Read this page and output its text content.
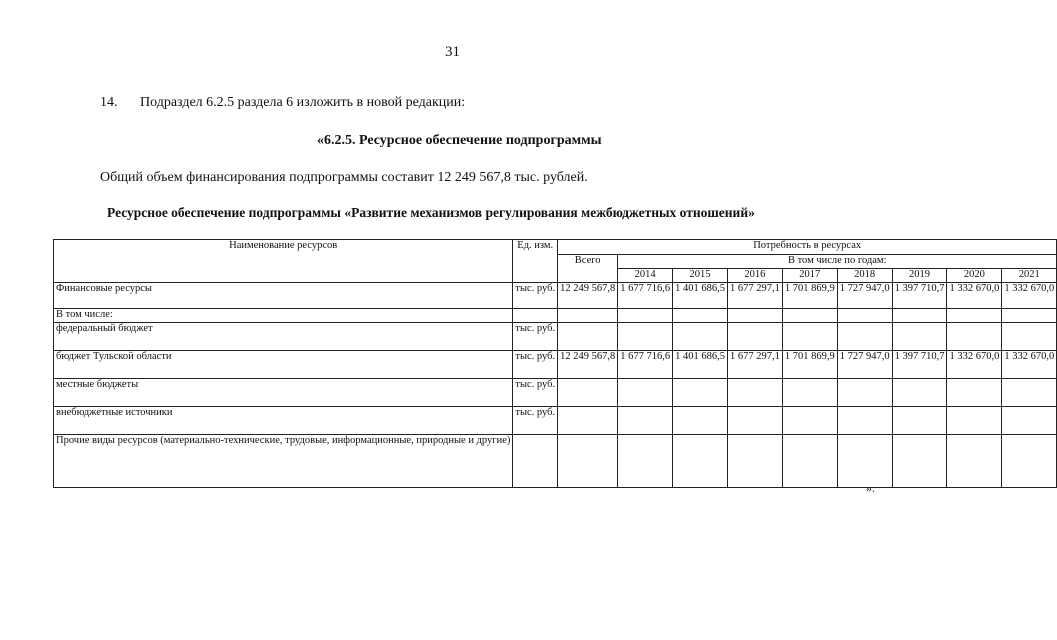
31
14. Подраздел 6.2.5 раздела 6 изложить в новой редакции:
«6.2.5. Ресурсное обеспечение подпрограммы
Общий объем финансирования подпрограммы составит 12 249 567,8 тыс. рублей.
Ресурсное обеспечение подпрограммы «Развитие механизмов регулирования межбюджетных отношений»
Наименование ресурсов	Ед. изм.	Потребность в ресурсах								
		Всего	В том числе по годам:							
			2014	2015	2016	2017	2018	2019	2020	2021
Финансовые ресурсы	тыс. руб.	12 249 567,8	1 677 716,6	1 401 686,5	1 677 297,1	1 701 869,9	1 727 947,0	1 397 710,7	1 332 670,0	1 332 670,0
В том числе:										
федеральный бюджет	тыс. руб.									
бюджет Тульской области	тыс. руб.	12 249 567,8	1 677 716,6	1 401 686,5	1 677 297,1	1 701 869,9	1 727 947,0	1 397 710,7	1 332 670,0	1 332 670,0
местные бюджеты	тыс. руб.									
внебюджетные источники	тыс. руб.									
Прочие виды ресурсов (материально-технические, трудовые, информационные, природные и другие)										
».
